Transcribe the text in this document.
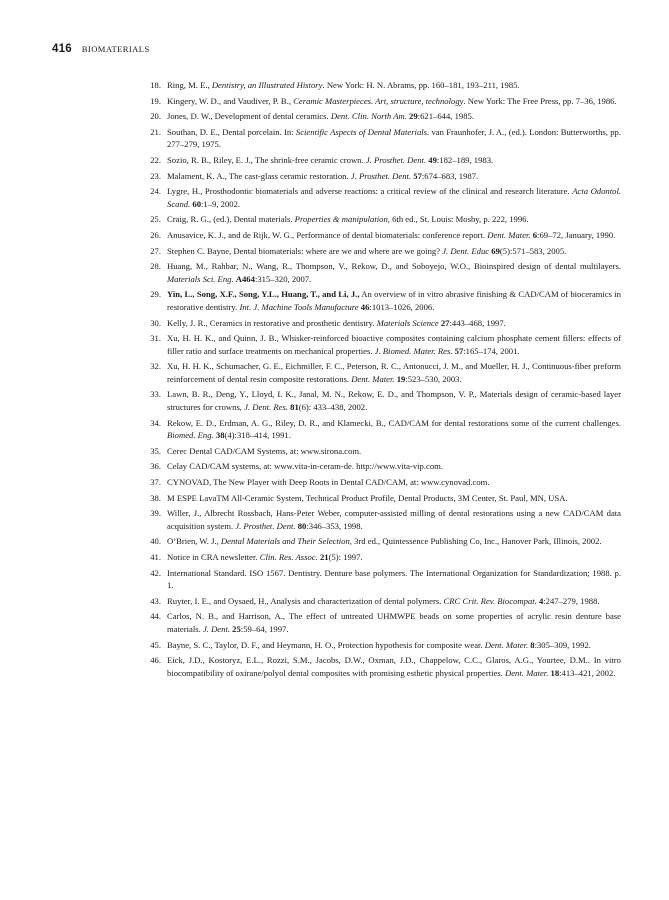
416 BIOMATERIALS
18 . Ring, M. E., Dentistry, an Illustrated History. New York: H. N. Abrams, pp. 160–181, 193–211, 1985.
19 . Kingery, W. D., and Vaudiver, P. B., Ceramic Masterpieces. Art, structure, technology. New York: The Free Press, pp. 7–36, 1986.
20 . Jones, D. W., Development of dental ceramics. Dent. Clin. North Am. 29:621–644, 1985.
21 . Southan, D. E., Dental porcelain. In: Scientific Aspects of Dental Materials. van Fraunhofer, J. A., (ed.). London: Butterworths, pp. 277–279, 1975.
22 . Sozio, R. B., Riley, E. J., The shrink-free ceramic crown. J. Prosthet. Dent. 49:182–189, 1983.
23 . Malament, K. A., The cast-glass ceramic restoration. J. Prosthet. Dent. 57:674–683, 1987.
24 . Lygre, H., Prosthodontic biomaterials and adverse reactions: a critical review of the clinical and research literature. Acta Odontol. Scand. 60:1–9, 2002.
25 . Craig, R. G., (ed.), Dental materials. Properties & manipulation, 6th ed., St. Louis: Mosby, p. 222, 1996.
26 . Anusavice, K. J., and de Rijk, W. G., Performance of dental biomaterials: conference report. Dent. Mater. 6:69–72, January, 1990.
27 . Stephen C. Bayne, Dental biomaterials: where are we and where are we going? J. Dent. Educ 69(5):571–583, 2005.
28 . Huang, M., Rahbar, N., Wang, R., Thompson, V., Rekow, D., and Soboyejo, W.O., Bioinspired design of dental multilayers. Materials Sci. Eng. A464:315–320, 2007.
29 . Yin, L., Song, X.F., Song, Y.L., Huang, T., and Li, J., An overview of in vitro abrasive finishing & CAD/CAM of bioceramics in restorative dentistry. Int. J. Machine Tools Manufacture 46:1013–1026, 2006.
30 . Kelly, J. R., Ceramics in restorative and prosthetic dentistry. Materials Science 27:443–468, 1997.
31 . Xu, H. H. K., and Quinn, J. B., Whisker-reinforced bioactive composites containing calcium phosphate cement fillers: effects of filler ratio and surface treatments on mechanical properties. J. Biomed. Mater. Res. 57:165–174, 2001.
32 . Xu, H. H. K., Schumacher, G. E., Eichmiller, F. C., Peterson, R. C., Antonucci, J. M., and Mueller, H. J., Continuous-fiber preform reinforcement of dental resin composite restorations. Dent. Mater. 19:523–530, 2003.
33 . Lawn, B. R., Deng, Y., Lloyd, I. K., Janal, M. N., Rekow, E. D., and Thompson, V. P., Materials design of ceramic-based layer structures for crowns, J. Dent. Res. 81(6): 433–438, 2002.
34 . Rekow, E. D., Erdman, A. G., Riley, D. R., and Klamecki, B., CAD/CAM for dental restorations some of the current challenges. Biomed. Eng. 38(4):318–414, 1991.
35 . Cerec Dental CAD/CAM Systems, at: www.sirona.com.
36 . Celay CAD/CAM systems, at: www.vita-in-ceram-de. http://www.vita-vip.com.
37 . CYNOVAD, The New Player with Deep Roots in Dental CAD/CAM, at: www.cynovad.com.
38 . M ESPE LavaTM All-Ceramic System, Technical Product Profile, Dental Products, 3M Center, St. Paul, MN, USA.
39 . Willer, J., Albrecht Rossbach, Hans-Peter Weber, computer-assisted milling of dental restorations using a new CAD/CAM data acquisition system. J. Prosthet. Dent. 80:346–353, 1998.
40 . O’Brien, W. J., Dental Materials and Their Selection, 3rd ed., Quintessence Publishing Co, Inc., Hanover Park, Illinois, 2002.
41 . Notice in CRA newsletter. Clin. Res. Assoc. 21(5): 1997.
42 . International Standard. ISO 1567. Dentistry. Denture base polymers. The International Organization for Standardization; 1988. p. 1.
43 . Ruyter, I. E., and Oysaed, H., Analysis and characterization of dental polymers. CRC Crit. Rev. Biocompat. 4:247–279, 1988.
44 . Carlos, N. B., and Harrison, A., The effect of untreated UHMWPE beads on some properties of acrylic resin denture base materials. J. Dent. 25:59–64, 1997.
45 . Bayne, S. C., Taylor, D. F., and Heymann, H. O., Protection hypothesis for composite wear. Dent. Mater. 8:305–309, 1992.
46 . Eick, J.D., Kostoryz, E.L., Rozzi, S.M., Jacobs, D.W., Oxman, J.D., Chappelow, C.C., Glaros, A.G., Yourtee, D.M.. In vitro biocompatibility of oxirane/polyol dental composites with promising esthetic physical properties. Dent. Mater. 18:413–421, 2002.
